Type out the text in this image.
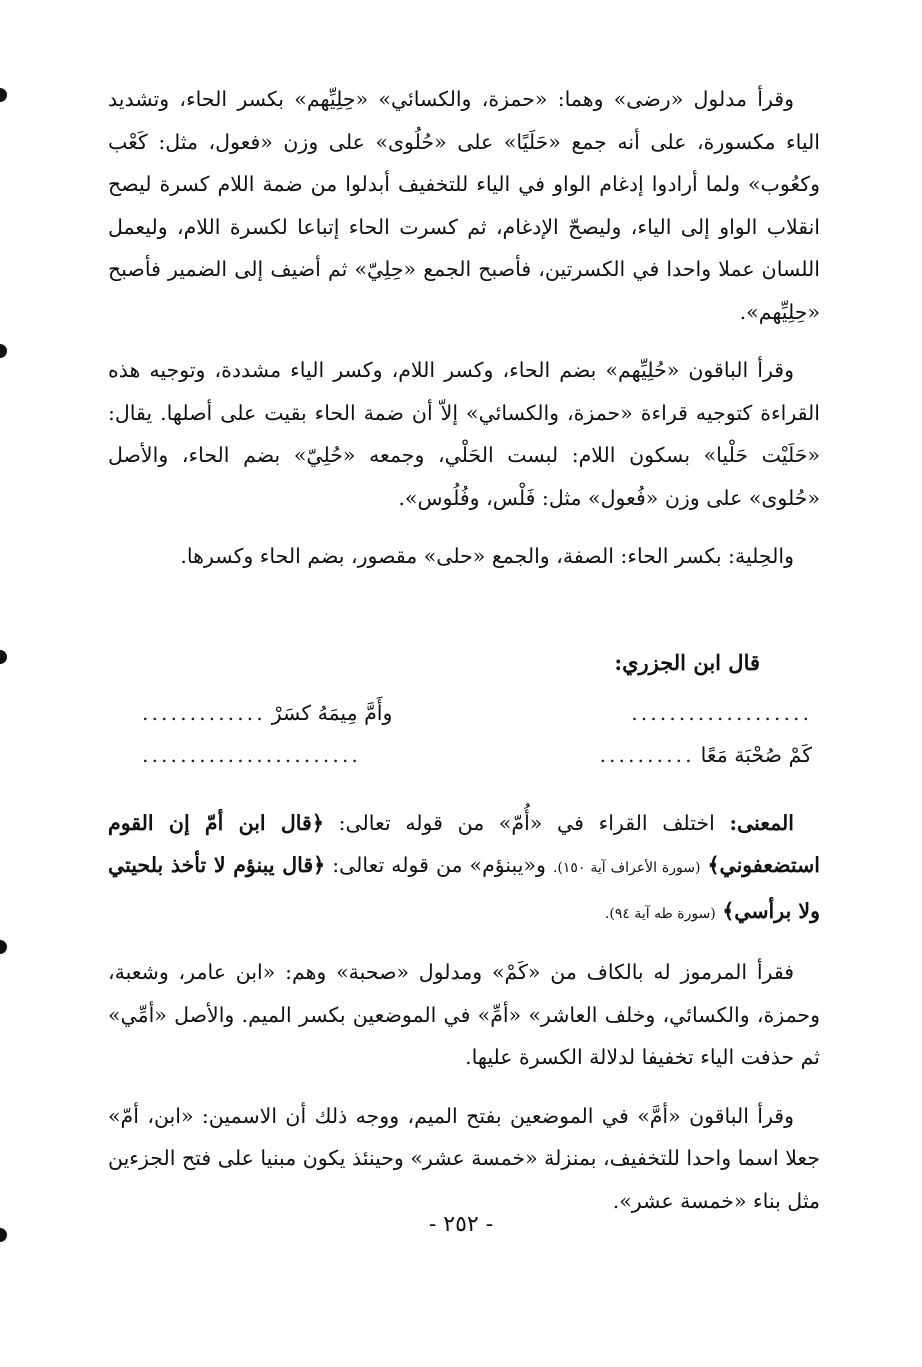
وقرأ مدلول «رضى» وهما: «حمزة، والكسائي» «حِلِيِّهم» بكسر الحاء، وتشديد الياء مكسورة، على أنه جمع «حَلَيًا» على «حُلُوى» على وزن «فعول، مثل: كَعْب وكعُوب» ولما أرادوا إدغام الواو في الياء للتخفيف أبدلوا من ضمة اللام كسرة ليصح انقلاب الواو إلى الياء، وليصحّ الإدغام، ثم كسرت الحاء إتباعا لكسرة اللام، وليعمل اللسان عملا واحدا في الكسرتين، فأصبح الجمع «حِلِيّ» ثم أضيف إلى الضمير فأصبح «حِلِيِّهم».

وقرأ الباقون «حُلِيِّهم» بضم الحاء، وكسر اللام، وكسر الياء مشددة، وتوجيه هذه القراءة كتوجيه قراءة «حمزة، والكسائي» إلاّ أن ضمة الحاء بقيت على أصلها. يقال: «حَلَيْت حَلْيا» بسكون اللام: لبست الحَلْي، وجمعه «حُلِيّ» بضم الحاء، والأصل «حُلوى» على وزن «فُعول» مثل: فَلْس، وفُلُوس».

والحِلية: بكسر الحاء: الصفة، والجمع «حلى» مقصور، بضم الحاء وكسرها.

قال ابن الجزري:
...................
وأَمَّ مِيمَهُ كسَرْ
.............
كَمْ صُحْبَة مَعًا
..........
.......................

المعنى: اختلف القراء في «أُمّ» من قوله تعالى: ﴿قال ابن أمّ إن القوم استضعفوني﴾ (سورة الأعراف آية ١٥٠). و«يبنؤم» من قوله تعالى: ﴿قال يبنؤم لا تأخذ بلحيتي ولا برأسي﴾ (سورة طه آية ٩٤).

فقرأ المرموز له بالكاف من «كَمْ» ومدلول «صحبة» وهم: «ابن عامر، وشعبة، وحمزة، والكسائي، وخلف العاشر» «أمِّ» في الموضعين بكسر الميم. والأصل «أمِّي» ثم حذفت الياء تخفيفا لدلالة الكسرة عليها.

وقرأ الباقون «أمَّ» في الموضعين بفتح الميم، ووجه ذلك أن الاسمين: «ابن، أمّ» جعلا اسما واحدا للتخفيف، بمنزلة «خمسة عشر» وحينئذ يكون مبنيا على فتح الجزءين مثل بناء «خمسة عشر».

- ٢٥٢ -
